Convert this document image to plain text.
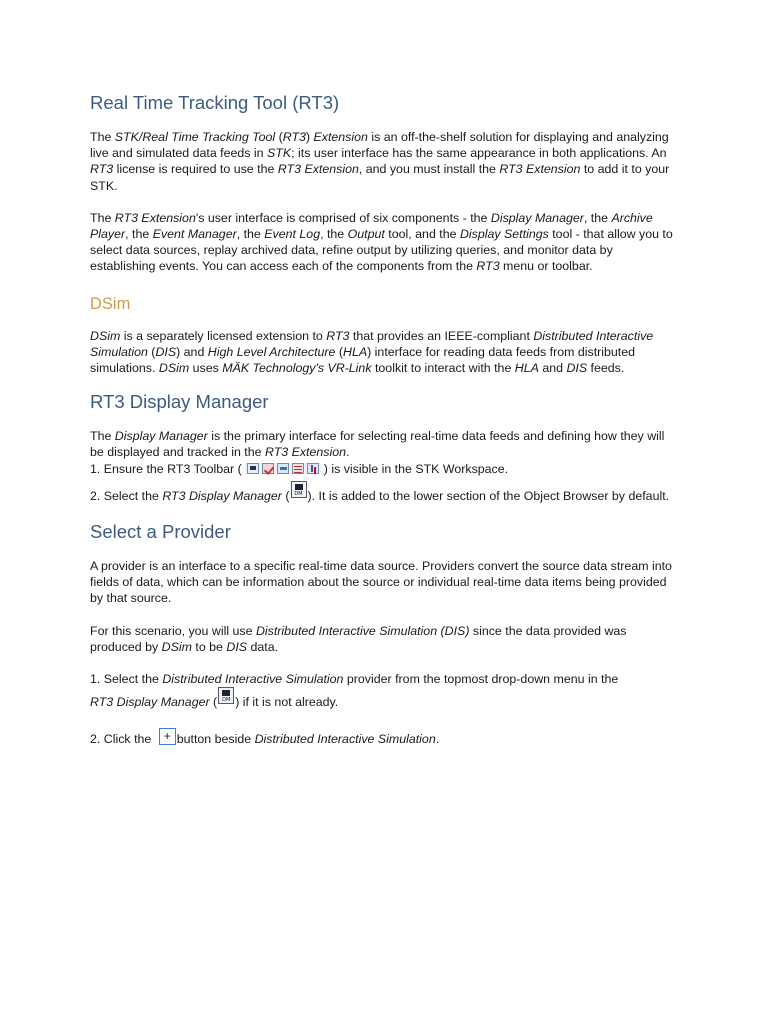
Real Time Tracking Tool (RT3)

The STK/Real Time Tracking Tool (RT3) Extension is an off-the-shelf solution for displaying and analyzing live and simulated data feeds in STK; its user interface has the same appearance in both applications. An RT3 license is required to use the RT3 Extension, and you must install the RT3 Extension to add it to your STK.

The RT3 Extension's user interface is comprised of six components - the Display Manager, the Archive Player, the Event Manager, the Event Log, the Output tool, and the Display Settings tool - that allow you to select data sources, replay archived data, refine output by utilizing queries, and monitor data by establishing events. You can access each of the components from the RT3 menu or toolbar.

DSim

DSim is a separately licensed extension to RT3 that provides an IEEE-compliant Distributed Interactive Simulation (DIS) and High Level Architecture (HLA) interface for reading data feeds from distributed simulations. DSim uses MÄK Technology's VR-Link toolkit to interact with the HLA and DIS feeds.

RT3 Display Manager

The Display Manager is the primary interface for selecting real-time data feeds and defining how they will be displayed and tracked in the RT3 Extension.

1. Ensure the RT3 Toolbar (	) is visible in the STK Workspace.

2. Select the RT3 Display Manager ( DM ). It is added to the lower section of the Object Browser by default.

Select a Provider

A provider is an interface to a specific real-time data source. Providers convert the source data stream into fields of data, which can be information about the source or individual real-time data items being provided by that source.

For this scenario, you will use Distributed Interactive Simulation (DIS) since the data provided was produced by DSim to be DIS data.

1. Select the Distributed Interactive Simulation provider from the topmost drop-down menu in the
RT3 Display Manager ( DM ) if it is not already.

2. Click the + button beside Distributed Interactive Simulation.
